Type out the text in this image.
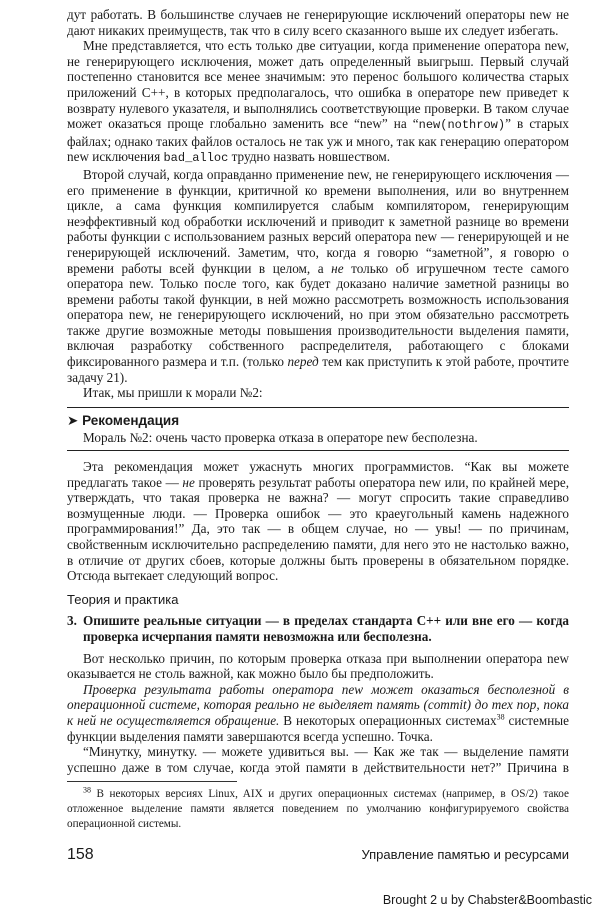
дут работать. В большинстве случаев не генерирующие исключений операторы new не дают никаких преимуществ, так что в силу всего сказанного выше их следует избегать.

Мне представляется, что есть только две ситуации, когда применение оператора new, не генерирующего исключения, может дать определенный выигрыш. Первый случай постепенно становится все менее значимым: это перенос большого количества старых приложений C++, в которых предполагалось, что ошибка в операторе new приведет к возврату нулевого указателя, и выполнялись соответствующие проверки. В таком случае может оказаться проще глобально заменить все “new” на “new(nothrow)” в старых файлах; однако таких файлов осталось не так уж и много, так как генерацию оператором new исключения bad_alloc трудно назвать новшеством.

Второй случай, когда оправданно применение new, не генерирующего исключения — его применение в функции, критичной ко времени выполнения, или во внутреннем цикле, а сама функция компилируется слабым компилятором, генерирующим неэффективный код обработки исключений и приводит к заметной разнице во времени работы функции с использованием разных версий оператора new — генерирующей и не генерирующей исключений. Заметим, что, когда я говорю “заметной”, я говорю о времени работы всей функции в целом, а не только об игрушечном тесте самого оператора new. Только после того, как будет доказано наличие заметной разницы во времени работы такой функции, в ней можно рассмотреть возможность использования оператора new, не генерирующего исключений, но при этом обязательно рассмотреть также другие возможные методы повышения производительности выделения памяти, включая разработку собственного распределителя, работающего с блоками фиксированного размера и т.п. (только перед тем как приступить к этой работе, прочтите задачу 21).

Итак, мы пришли к морали №2:

➤ Рекомендация
Мораль №2: очень часто проверка отказа в операторе new бесполезна.

Эта рекомендация может ужаснуть многих программистов. “Как вы можете предлагать такое — не проверять результат работы оператора new или, по крайней мере, утверждать, что такая проверка не важна? — могут спросить такие справедливо возмущенные люди. — Проверка ошибок — это краеугольный камень надежного программирования!” Да, это так — в общем случае, но — увы! — по причинам, свойственным исключительно распределению памяти, для него это не настолько важно, в отличие от других сбоев, которые должны быть проверены в обязательном порядке. Отсюда вытекает следующий вопрос.

Теория и практика
3. Опишите реальные ситуации — в пределах стандарта C++ или вне его — когда проверка исчерпания памяти невозможна или бесполезна.

Вот несколько причин, по которым проверка отказа при выполнении оператора new оказывается не столь важной, как можно было бы предположить.

Проверка результата работы оператора new может оказаться бесполезной в операционной системе, которая реально не выделяет память (commit) до тех пор, пока к ней не осуществляется обращение. В некоторых операционных системах$^{38}$ системные функции выделения памяти завершаются всегда успешно. Точка.

“Минутку, минутку. — можете удивиться вы. — Как же так — выделение памяти успешно даже в том случае, когда этой памяти в действительности нет?” Причина в

$^{38}$ В некоторых версиях Linux, AIX и других операционных системах (например, в OS/2) такое отложенное выделение памяти является поведением по умолчанию конфигурируемого свойства операционной системы.

158	Управление памятью и ресурсами
Brought 2 u by Chabster&Boombastic
